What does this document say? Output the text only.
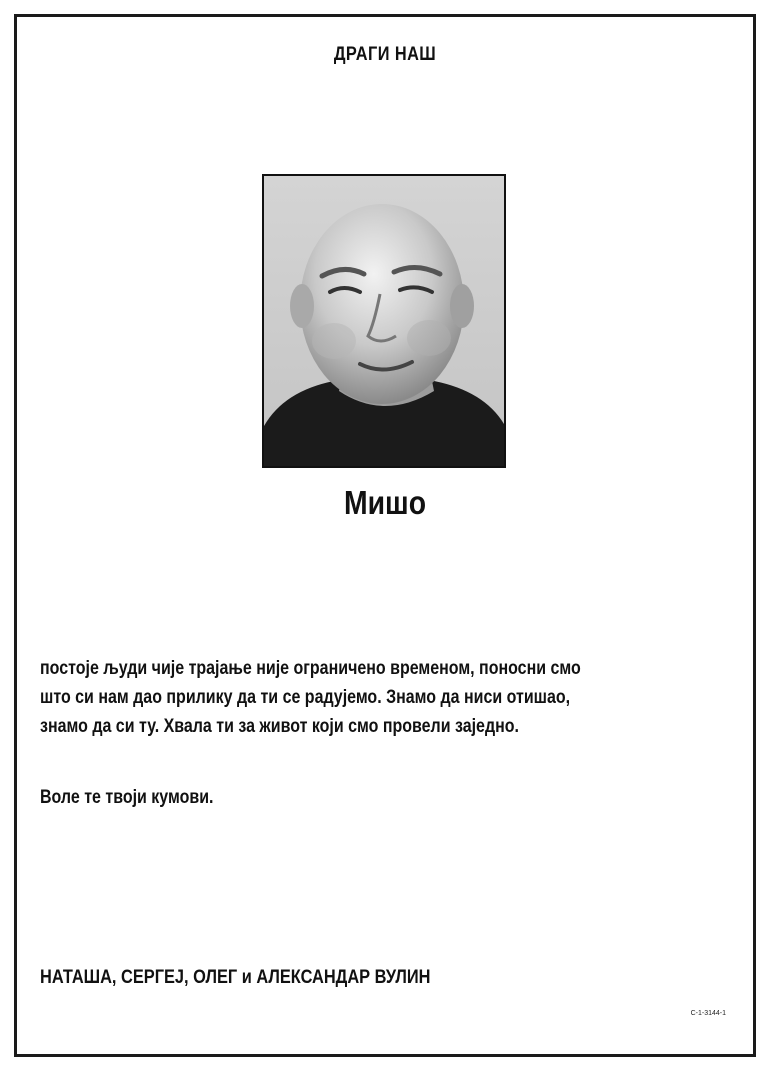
ДРАГИ НАШ
Мишо
постоје људи чије трајање није ограничено временом, поносни смо
што си нам дао прилику да ти се радујемо. Знамо да ниси отишао,
знамо да си ту. Хвала ти за живот који смо провели заједно.
Воле те твоји кумови.
НАТАША, СЕРГЕЈ, ОЛЕГ и АЛЕКСАНДАР ВУЛИН
С-1-3144-1
